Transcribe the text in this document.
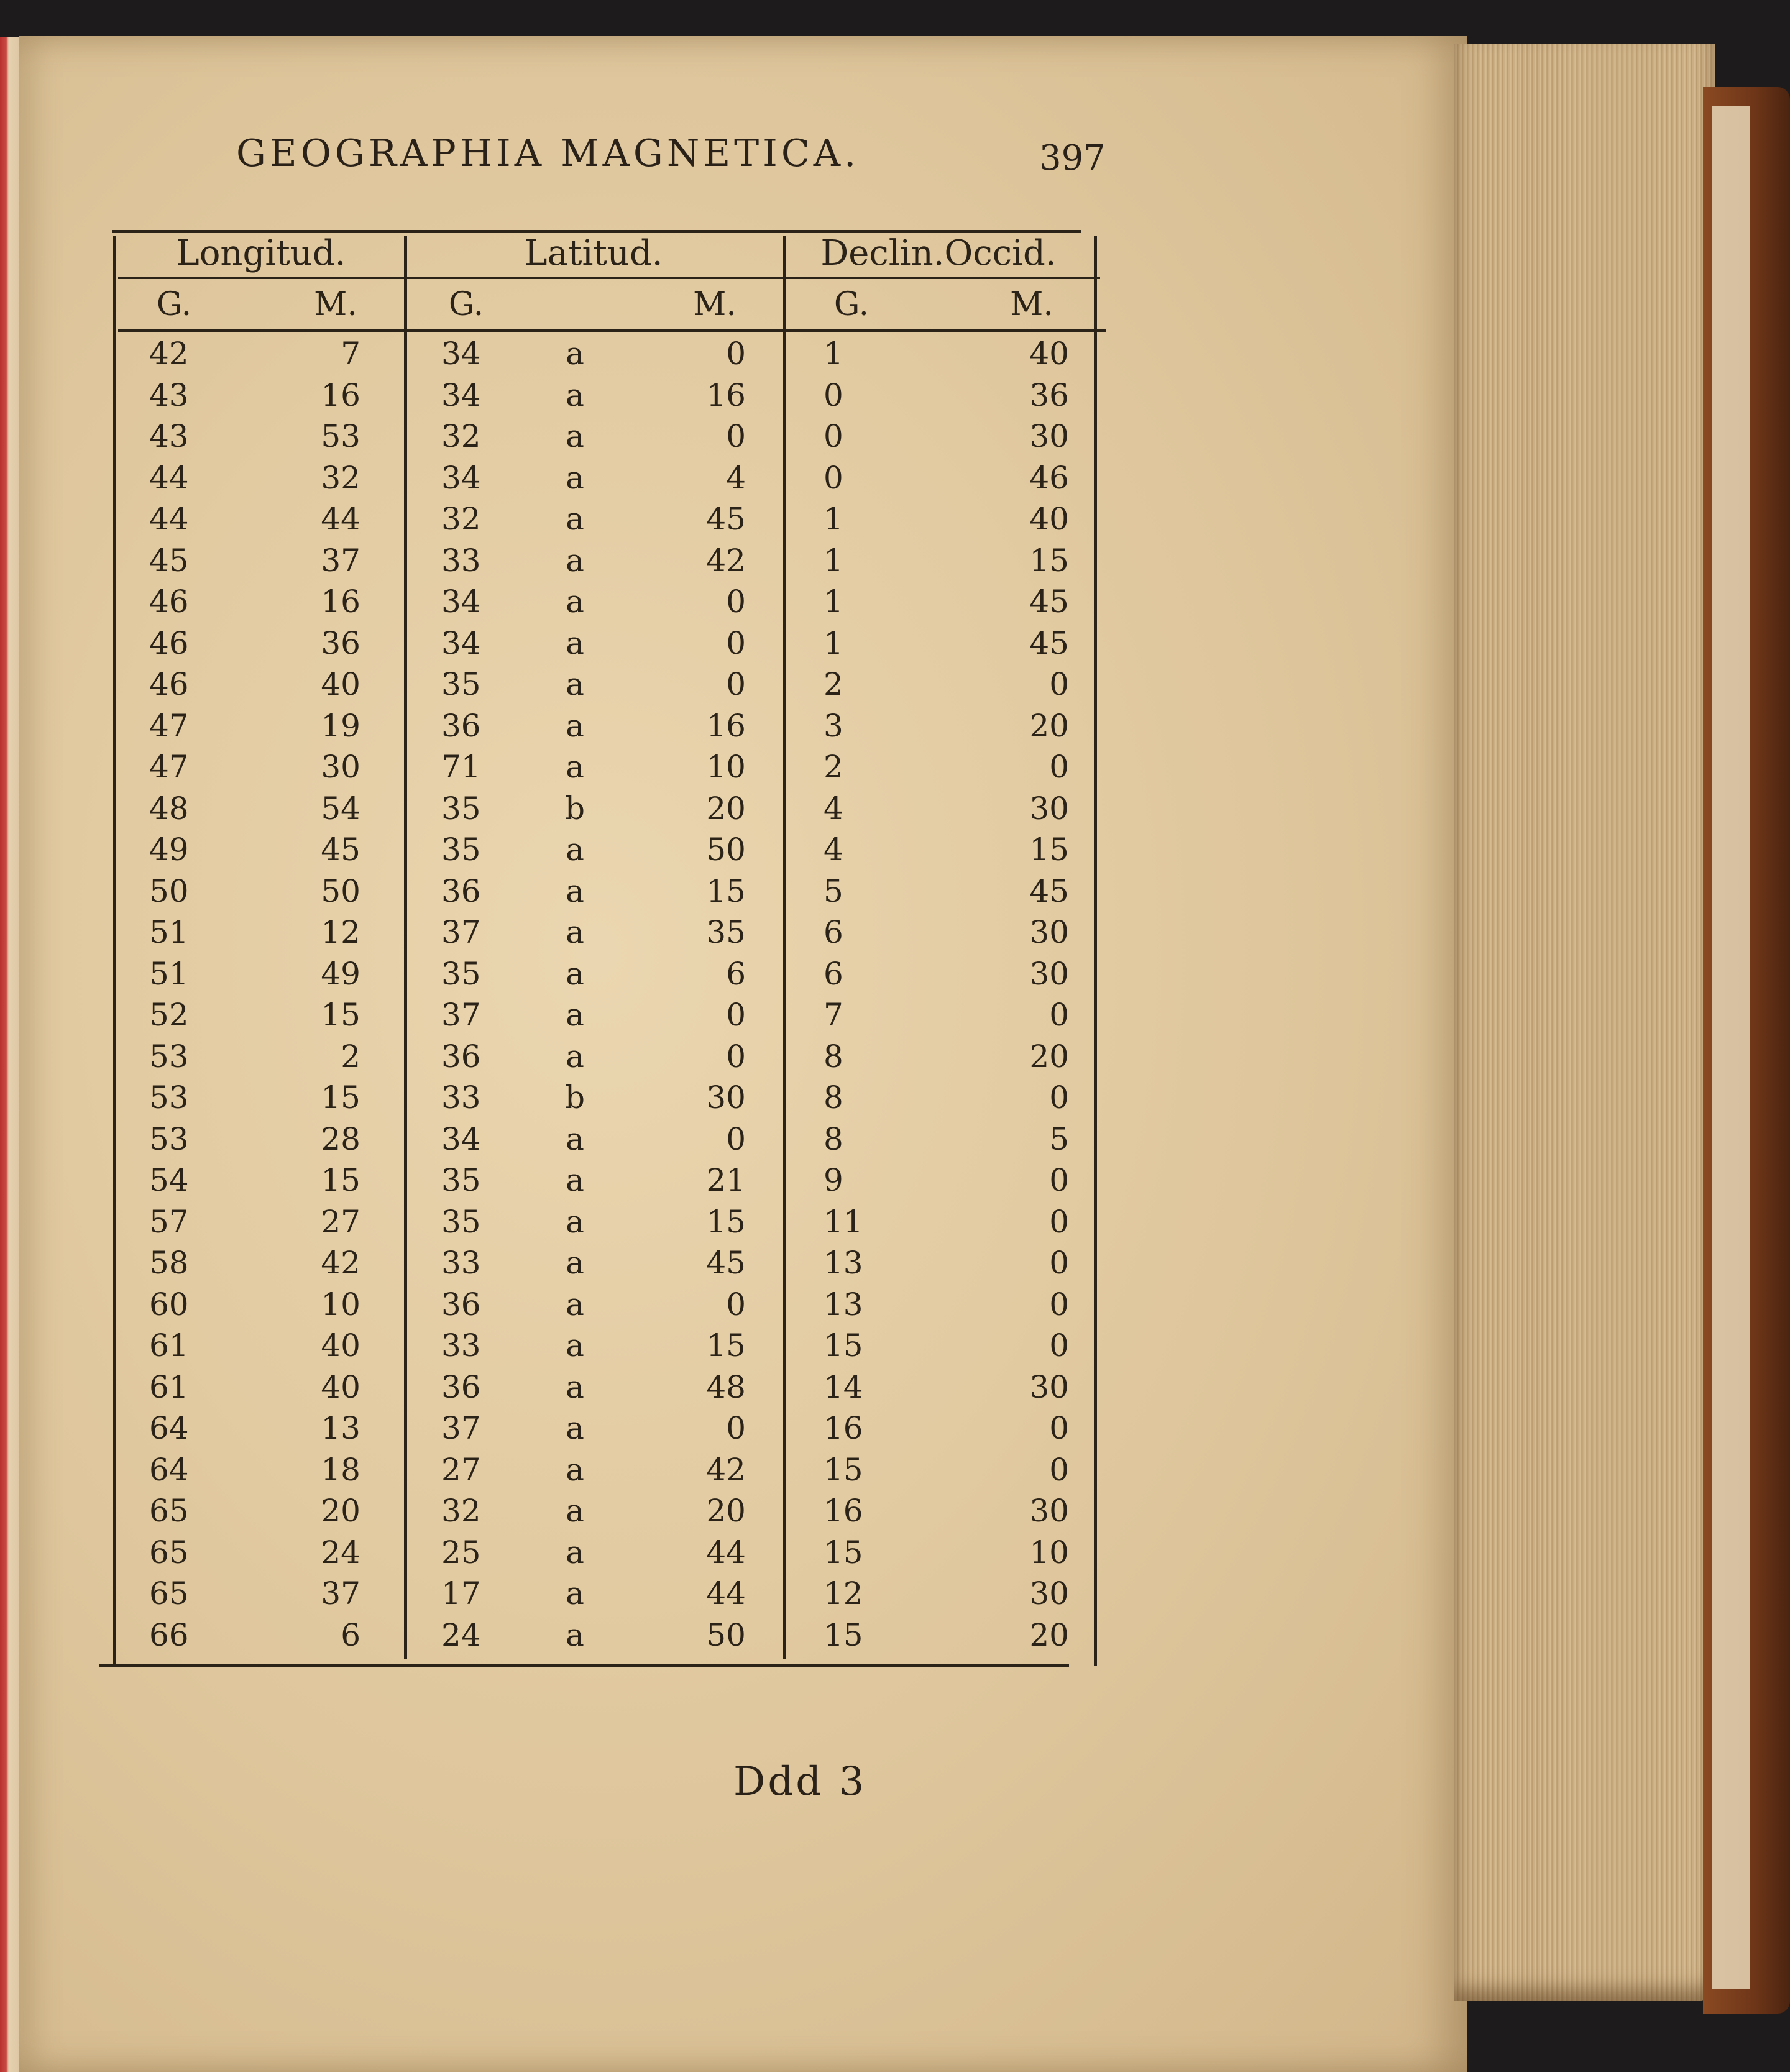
GEOGRAPHIA MAGNETICA.	397
Longitud.	Latitud.	Declin.Occid.
G.	M.	G.	M.	G.	M.
42	7	34	a	0	1	40
43	16	34	a	16	0	36
43	53	32	a	0	0	30
44	32	34	a	4	0	46
44	44	32	a	45	1	40
45	37	33	a	42	1	15
46	16	34	a	0	1	45
46	36	34	a	0	1	45
46	40	35	a	0	2	0
47	19	36	a	16	3	20
47	30	71	a	10	2	0
48	54	35	b	20	4	30
49	45	35	a	50	4	15
50	50	36	a	15	5	45
51	12	37	a	35	6	30
51	49	35	a	6	6	30
52	15	37	a	0	7	0
53	2	36	a	0	8	20
53	15	33	b	30	8	0
53	28	34	a	0	8	5
54	15	35	a	21	9	0
57	27	35	a	15	11	0
58	42	33	a	45	13	0
60	10	36	a	0	13	0
61	40	33	a	15	15	0
61	40	36	a	48	14	30
64	13	37	a	0	16	0
64	18	27	a	42	15	0
65	20	32	a	20	16	30
65	24	25	a	44	15	10
65	37	17	a	44	12	30
66	6	24	a	50	15	20
Ddd 3
